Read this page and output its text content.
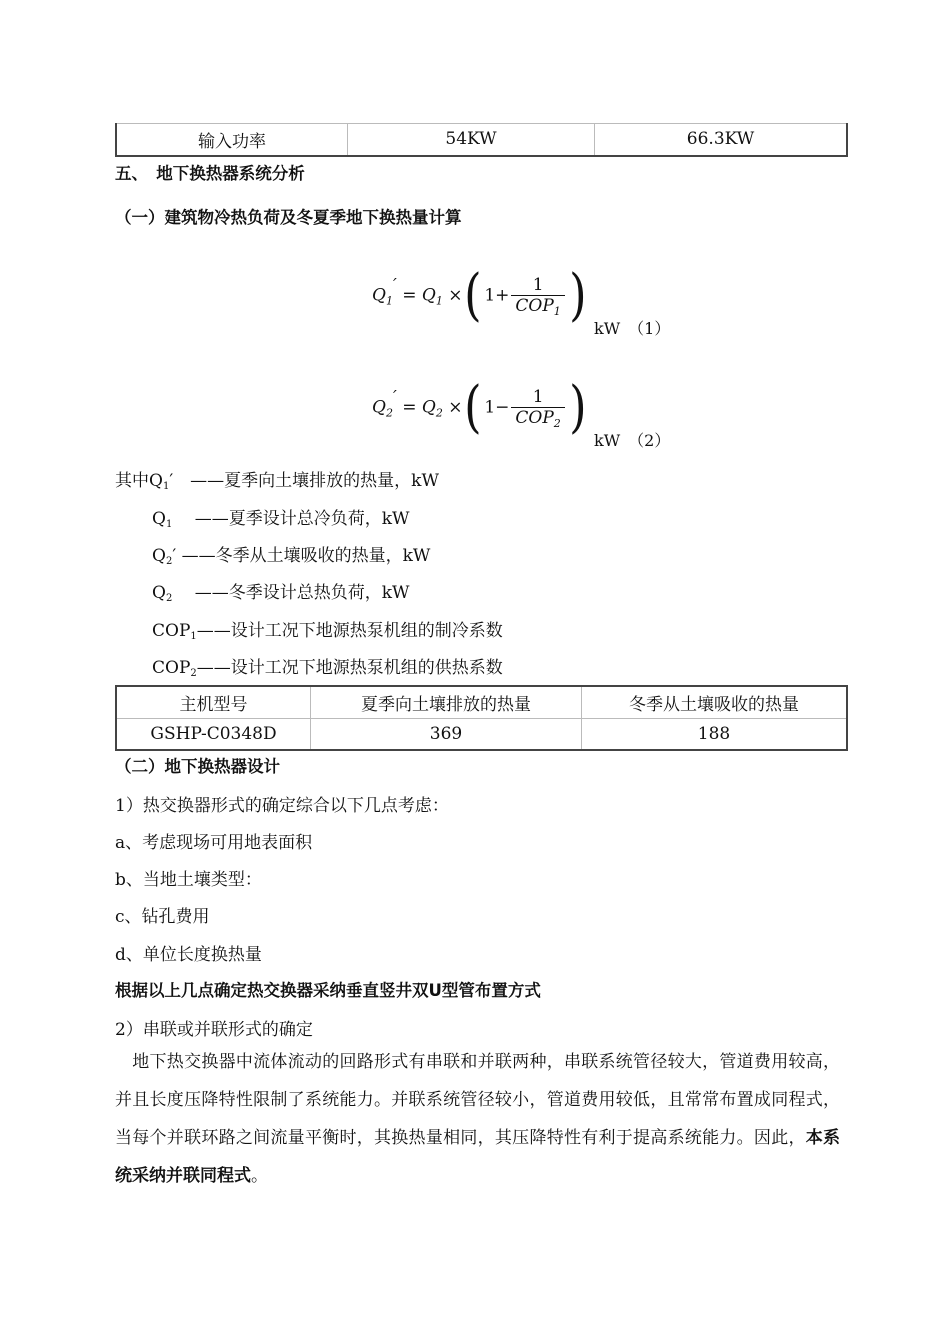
输入功率	54KW	66.3KW
五、　地下换热器系统分析
（一）建筑物冷热负荷及冬夏季地下换热量计算
$Q_1' = Q_1$ ×( $1+ \frac{1}{COP_1}$ )
kW　（1）
$Q_2' = Q_2$ ×( $1- \frac{1}{COP_2}$ )
kW　（2）
其中Q1′　——夏季向土壤排放的热量，kW
Q1　 ——夏季设计总冷负荷，kW
Q2′ ——冬季从土壤吸收的热量，kW
Q2　 ——冬季设计总热负荷，kW
COP1——设计工况下地源热泵机组的制冷系数
COP2——设计工况下地源热泵机组的供热系数
主机型号	夏季向土壤排放的热量	冬季从土壤吸收的热量
GSHP-C0348D	369	188
（二）地下换热器设计
1）热交换器形式的确定综合以下几点考虑：
a、考虑现场可用地表面积
b、当地土壤类型：
c、钻孔费用
d、单位长度换热量
根据以上几点确定热交换器采纳垂直竖井双U型管布置方式
2）串联或并联形式的确定
　地下热交换器中流体流动的回路形式有串联和并联两种，串联系统管径较大，管道费用较高，并且长度压降特性限制了系统能力。并联系统管径较小，管道费用较低，且常常布置成同程式，当每个并联环路之间流量平衡时，其换热量相同，其压降特性有利于提高系统能力。因此，本系统采纳并联同程式。
